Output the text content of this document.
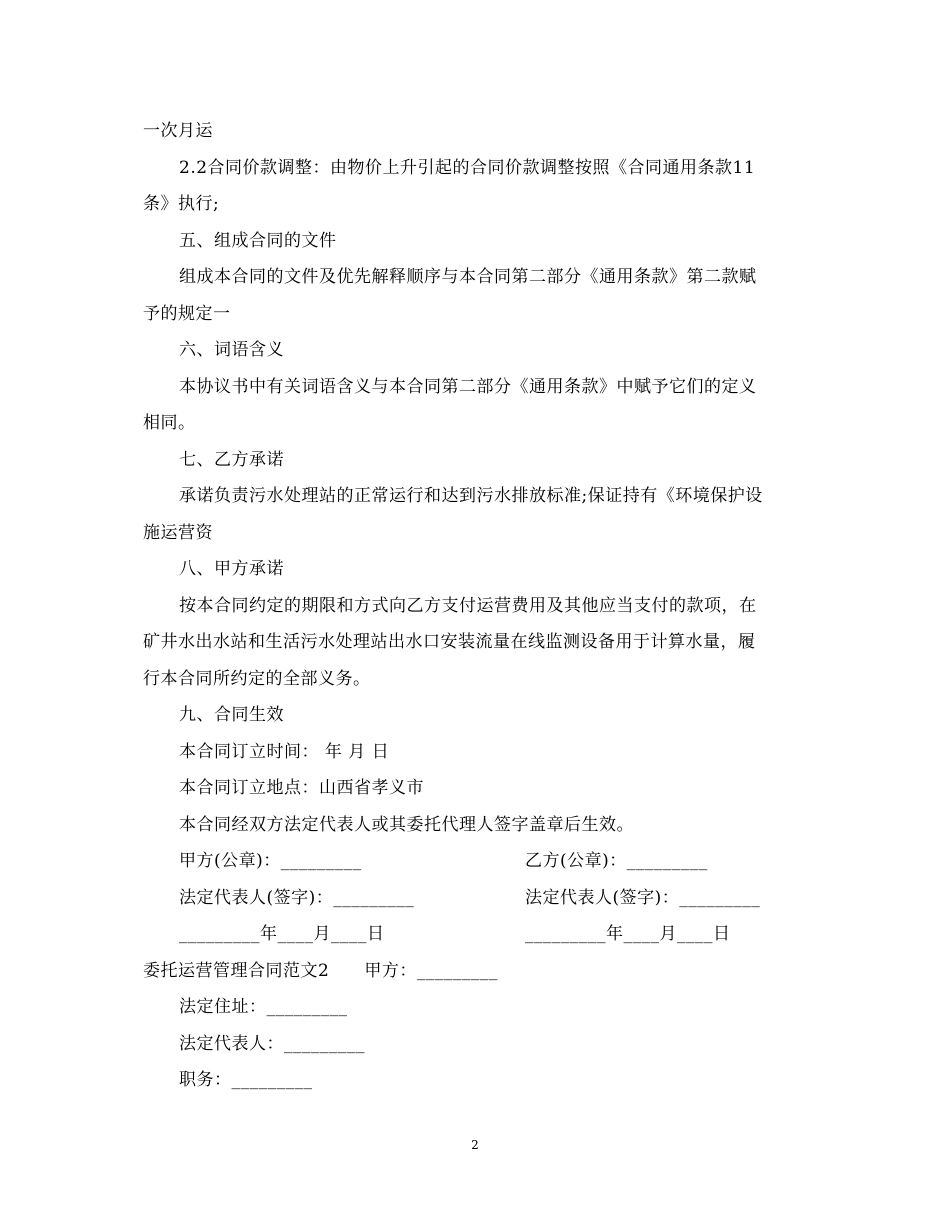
一次月运
2.2合同价款调整：由物价上升引起的合同价款调整按照《合同通用条款11
条》执行;
五、组成合同的文件
组成本合同的文件及优先解释顺序与本合同第二部分《通用条款》第二款赋
予的规定一
六、词语含义
本协议书中有关词语含义与本合同第二部分《通用条款》中赋予它们的定义
相同。
七、乙方承诺
承诺负责污水处理站的正常运行和达到污水排放标准;保证持有《环境保护设
施运营资
八、甲方承诺
按本合同约定的期限和方式向乙方支付运营费用及其他应当支付的款项，在
矿井水出水站和生活污水处理站出水口安装流量在线监测设备用于计算水量，履
行本合同所约定的全部义务。
九、合同生效
本合同订立时间： 年 月 日
本合同订立地点：山西省孝义市
本合同经双方法定代表人或其委托代理人签字盖章后生效。
甲方(公章)：_________	乙方(公章)：_________
法定代表人(签字)：_________	法定代表人(签字)：_________
_________年____月____日	_________年____月____日
委托运营管理合同范文2　　甲方：_________
法定住址：_________
法定代表人：_________
职务：_________
2
